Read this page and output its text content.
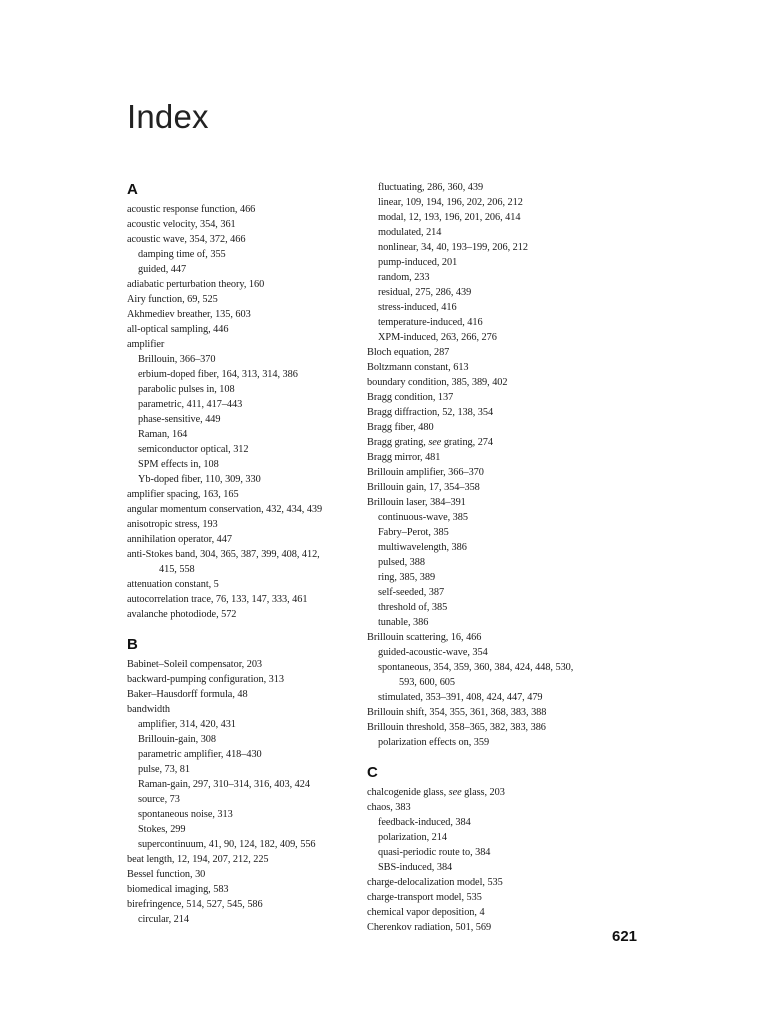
Index
A
acoustic response function, 466
acoustic velocity, 354, 361
acoustic wave, 354, 372, 466
damping time of, 355
guided, 447
adiabatic perturbation theory, 160
Airy function, 69, 525
Akhmediev breather, 135, 603
all-optical sampling, 446
amplifier
Brillouin, 366–370
erbium-doped fiber, 164, 313, 314, 386
parabolic pulses in, 108
parametric, 411, 417–443
phase-sensitive, 449
Raman, 164
semiconductor optical, 312
SPM effects in, 108
Yb-doped fiber, 110, 309, 330
amplifier spacing, 163, 165
angular momentum conservation, 432, 434, 439
anisotropic stress, 193
annihilation operator, 447
anti-Stokes band, 304, 365, 387, 399, 408, 412,
415, 558
attenuation constant, 5
autocorrelation trace, 76, 133, 147, 333, 461
avalanche photodiode, 572
B
Babinet–Soleil compensator, 203
backward-pumping configuration, 313
Baker–Hausdorff formula, 48
bandwidth
amplifier, 314, 420, 431
Brillouin-gain, 308
parametric amplifier, 418–430
pulse, 73, 81
Raman-gain, 297, 310–314, 316, 403, 424
source, 73
spontaneous noise, 313
Stokes, 299
supercontinuum, 41, 90, 124, 182, 409, 556
beat length, 12, 194, 207, 212, 225
Bessel function, 30
biomedical imaging, 583
birefringence, 514, 527, 545, 586
circular, 214
fluctuating, 286, 360, 439
linear, 109, 194, 196, 202, 206, 212
modal, 12, 193, 196, 201, 206, 414
modulated, 214
nonlinear, 34, 40, 193–199, 206, 212
pump-induced, 201
random, 233
residual, 275, 286, 439
stress-induced, 416
temperature-induced, 416
XPM-induced, 263, 266, 276
Bloch equation, 287
Boltzmann constant, 613
boundary condition, 385, 389, 402
Bragg condition, 137
Bragg diffraction, 52, 138, 354
Bragg fiber, 480
Bragg grating, see grating, 274
Bragg mirror, 481
Brillouin amplifier, 366–370
Brillouin gain, 17, 354–358
Brillouin laser, 384–391
continuous-wave, 385
Fabry–Perot, 385
multiwavelength, 386
pulsed, 388
ring, 385, 389
self-seeded, 387
threshold of, 385
tunable, 386
Brillouin scattering, 16, 466
guided-acoustic-wave, 354
spontaneous, 354, 359, 360, 384, 424, 448, 530,
593, 600, 605
stimulated, 353–391, 408, 424, 447, 479
Brillouin shift, 354, 355, 361, 368, 383, 388
Brillouin threshold, 358–365, 382, 383, 386
polarization effects on, 359
C
chalcogenide glass, see glass, 203
chaos, 383
feedback-induced, 384
polarization, 214
quasi-periodic route to, 384
SBS-induced, 384
charge-delocalization model, 535
charge-transport model, 535
chemical vapor deposition, 4
Cherenkov radiation, 501, 569
621
